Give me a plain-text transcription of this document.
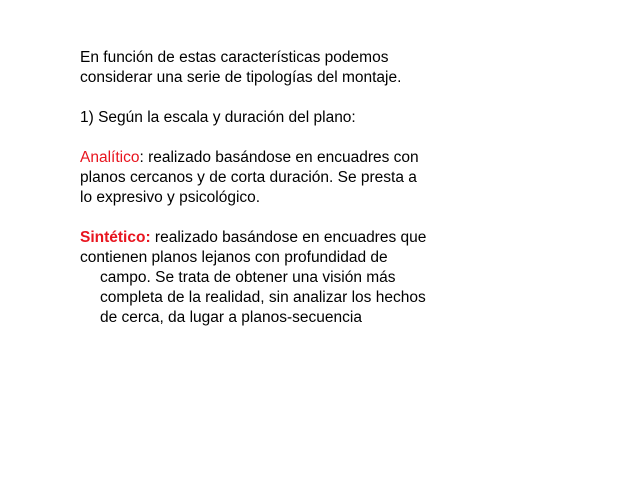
En función de estas características podemos
considerar una serie de tipologías del montaje.
1) Según la escala y duración del plano:
Analítico: realizado basándose en encuadres con
planos cercanos y de corta duración. Se presta a
lo expresivo y psicológico.
Sintético: realizado basándose en encuadres que
contienen planos lejanos con profundidad de
campo. Se trata de obtener una visión más
completa de la realidad, sin analizar los hechos
de cerca, da lugar a planos-secuencia
